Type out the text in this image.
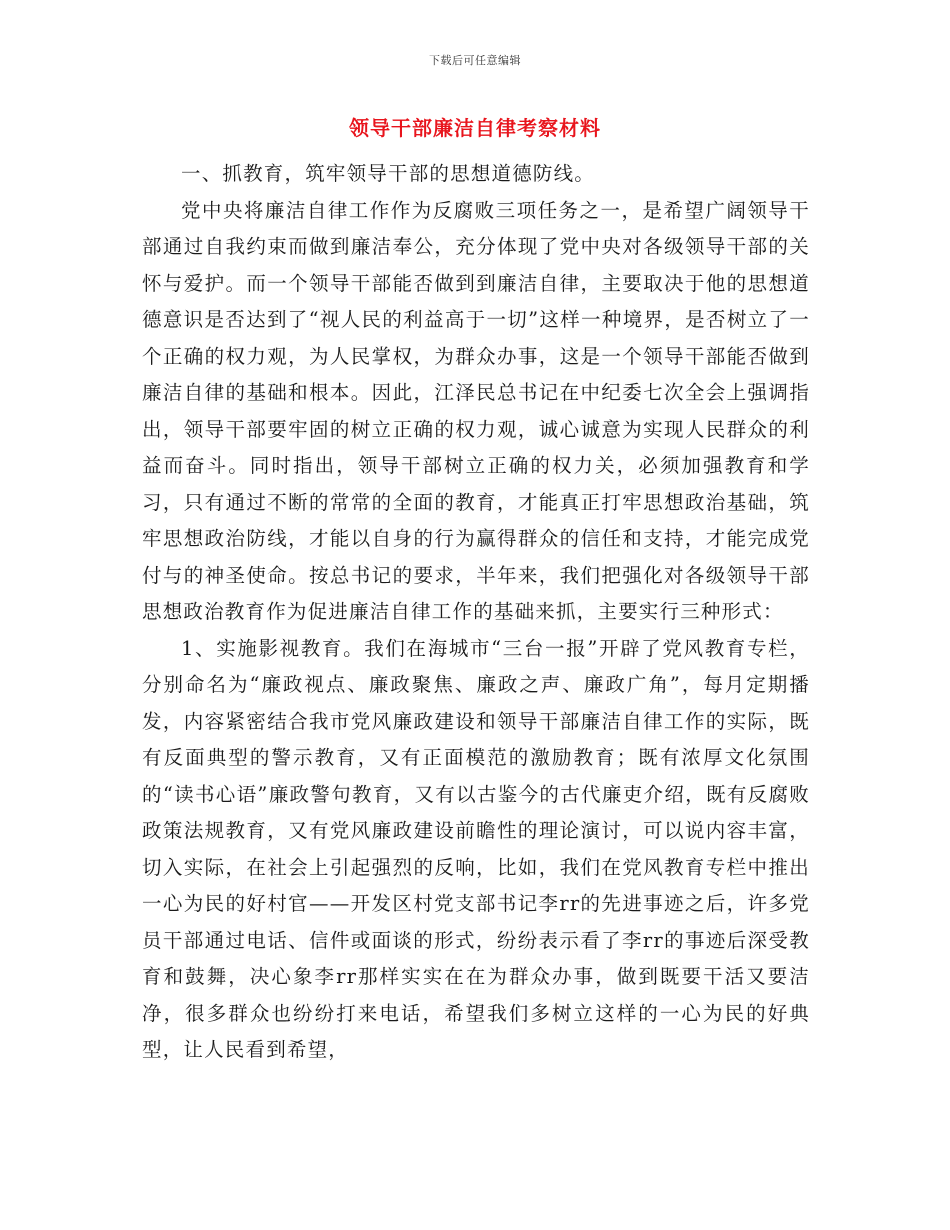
下载后可任意编辑
领导干部廉洁自律考察材料

一、抓教育，筑牢领导干部的思想道德防线。

党中央将廉洁自律工作作为反腐败三项任务之一，是希望广阔领导干部通过自我约束而做到廉洁奉公，充分体现了党中央对各级领导干部的关怀与爱护。而一个领导干部能否做到到廉洁自律，主要取决于他的思想道德意识是否达到了“视人民的利益高于一切”这样一种境界，是否树立了一个正确的权力观，为人民掌权，为群众办事，这是一个领导干部能否做到廉洁自律的基础和根本。因此，江泽民总书记在中纪委七次全会上强调指出，领导干部要牢固的树立正确的权力观，诚心诚意为实现人民群众的利益而奋斗。同时指出，领导干部树立正确的权力关，必须加强教育和学习，只有通过不断的常常的全面的教育，才能真正打牢思想政治基础，筑牢思想政治防线，才能以自身的行为赢得群众的信任和支持，才能完成党付与的神圣使命。按总书记的要求，半年来，我们把强化对各级领导干部思想政治教育作为促进廉洁自律工作的基础来抓，主要实行三种形式：

1、实施影视教育。我们在海城市“三台一报”开辟了党风教育专栏，分别命名为“廉政视点、廉政聚焦、廉政之声、廉政广角”，每月定期播发，内容紧密结合我市党风廉政建设和领导干部廉洁自律工作的实际，既有反面典型的警示教育，又有正面模范的激励教育；既有浓厚文化氛围的“读书心语”廉政警句教育，又有以古鉴今的古代廉吏介绍，既有反腐败政策法规教育，又有党风廉政建设前瞻性的理论演讨，可以说内容丰富，切入实际，在社会上引起强烈的反响，比如，我们在党风教育专栏中推出一心为民的好村官——开发区村党支部书记李rr的先进事迹之后，许多党员干部通过电话、信件或面谈的形式，纷纷表示看了李rr的事迹后深受教育和鼓舞，决心象李rr那样实实在在为群众办事，做到既要干活又要洁净，很多群众也纷纷打来电话，希望我们多树立这样的一心为民的好典型，让人民看到希望，
